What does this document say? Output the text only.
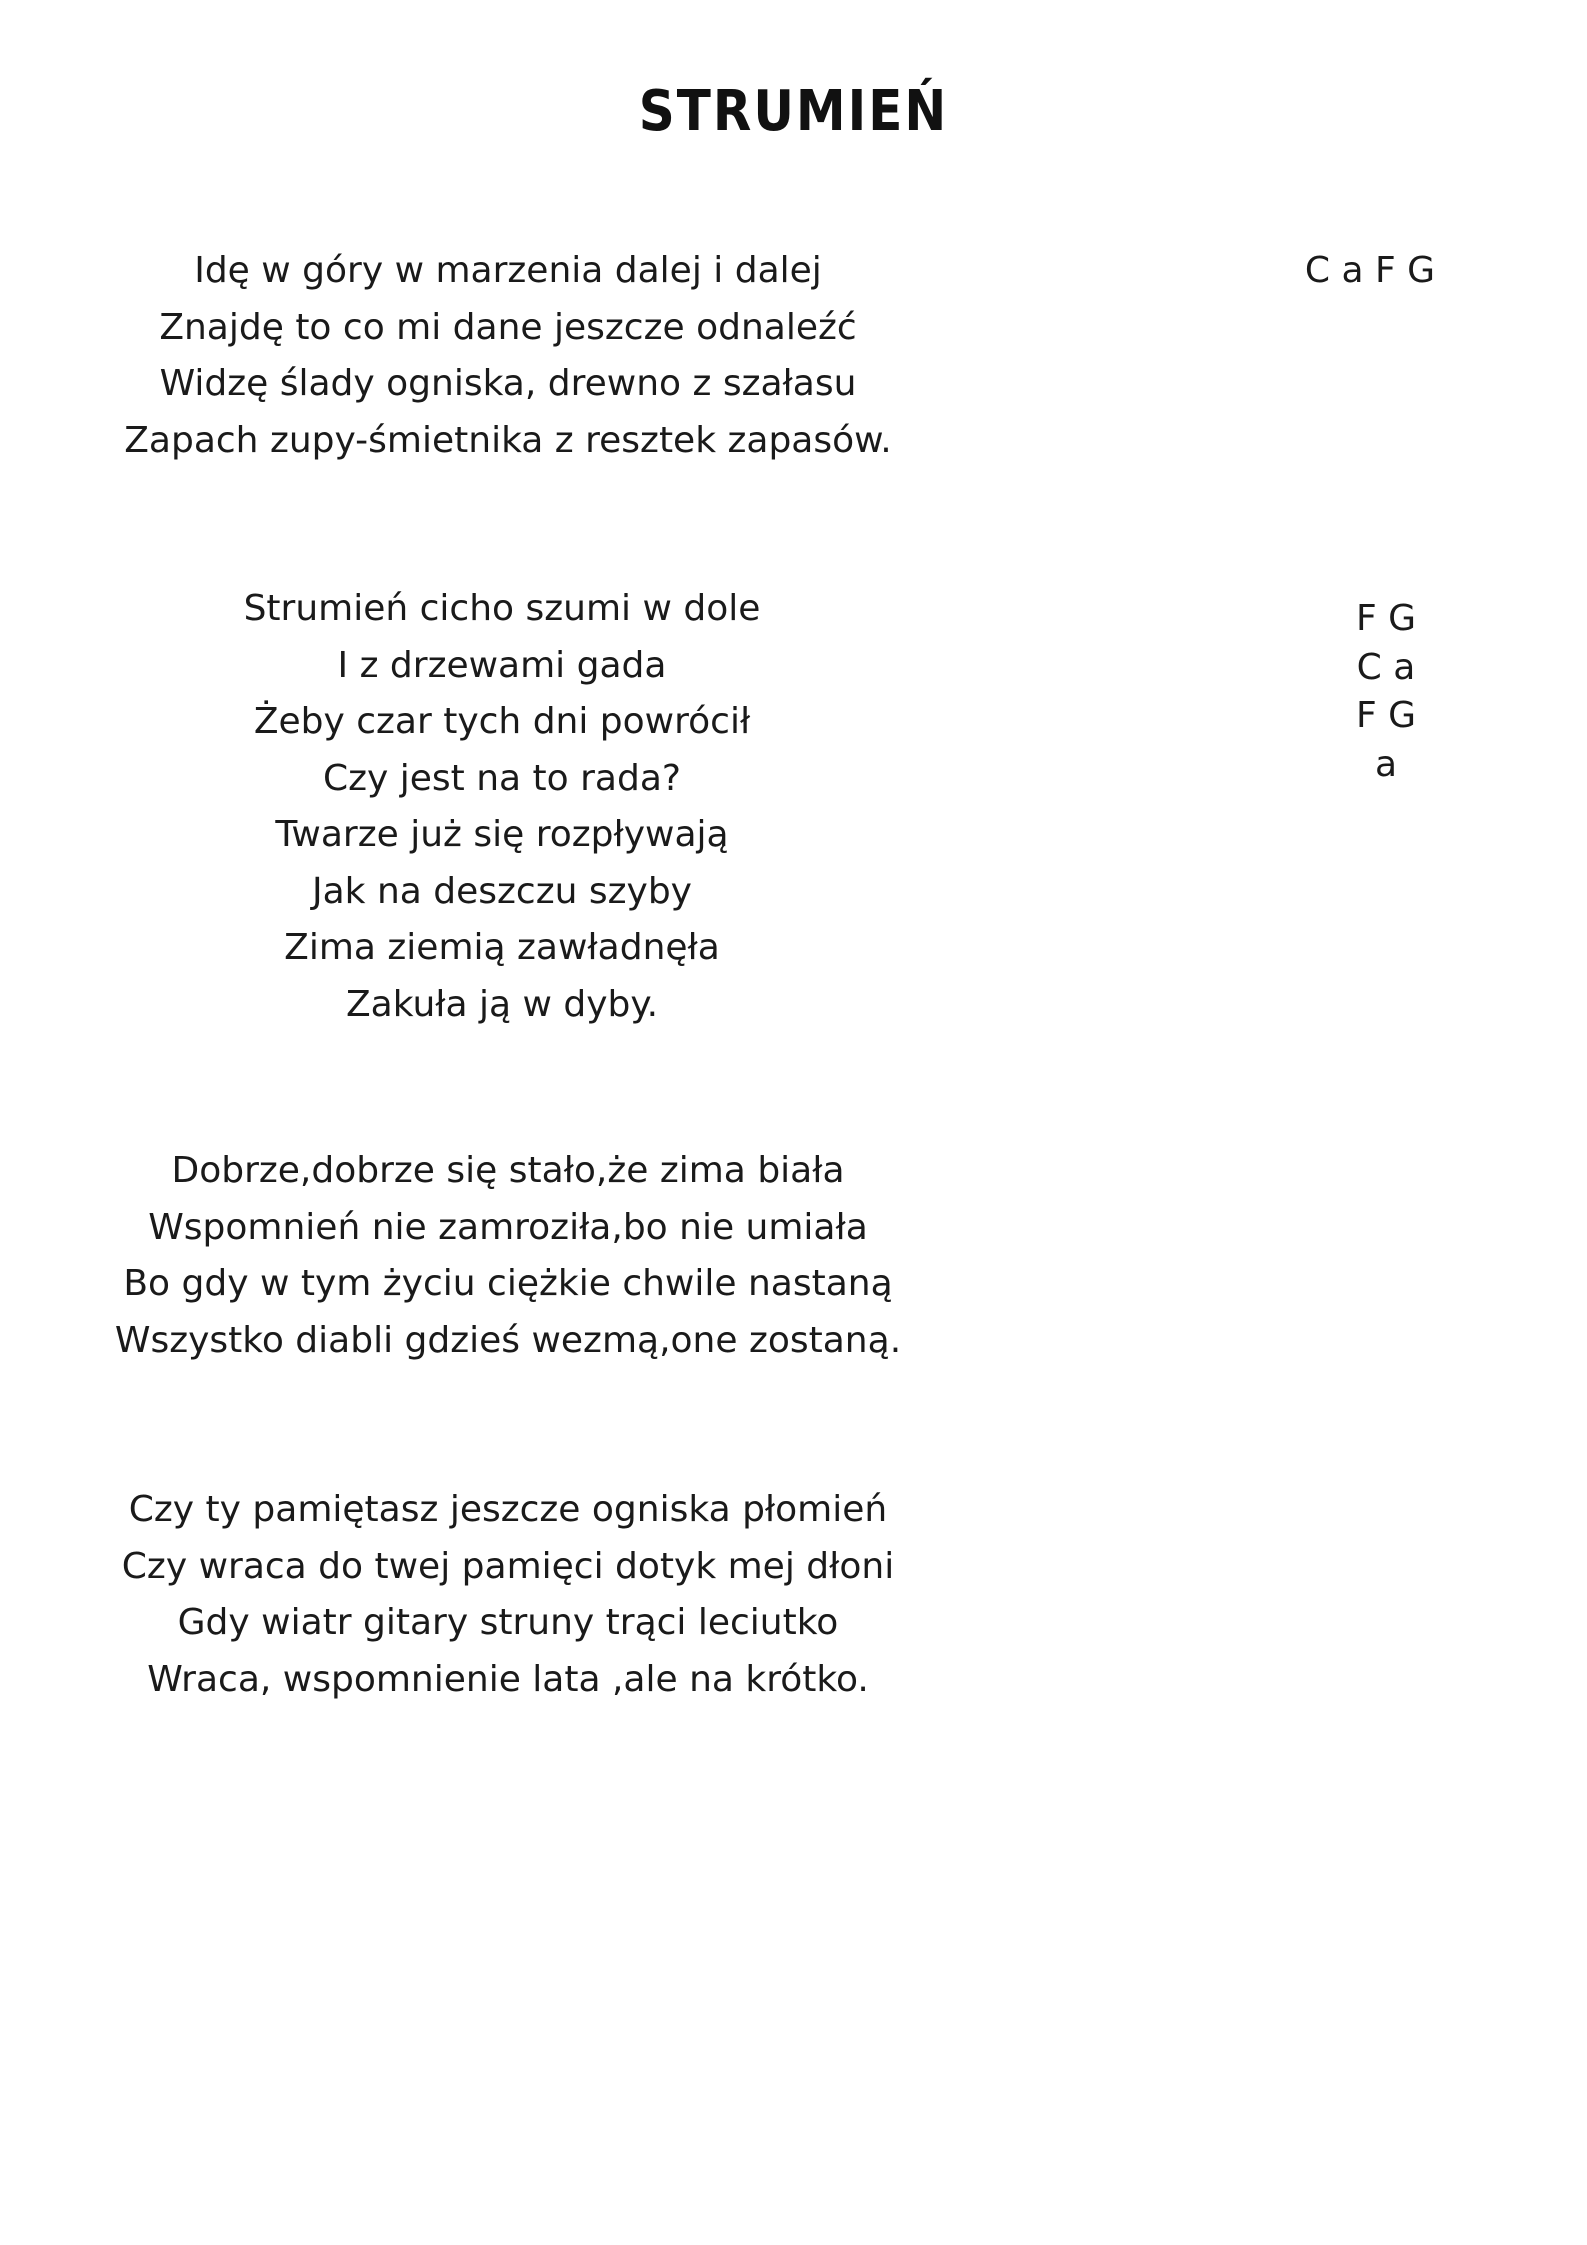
STRUMIEŃ
Idę w góry w marzenia dalej i dalej
Znajdę to co mi dane jeszcze odnaleźć
Widzę ślady ogniska, drewno z szałasu
Zapach zupy-śmietnika z resztek zapasów.
C a F G
Strumień cicho szumi w dole
I z drzewami gada
Żeby czar tych dni powrócił
Czy jest na to rada?
Twarze już się rozpływają
Jak na deszczu szyby
Zima ziemią zawładnęła
Zakuła ją w dyby.
F G
C a
F G
a
Dobrze,dobrze się stało,że zima biała
Wspomnień nie zamroziła,bo nie umiała
Bo gdy w tym życiu ciężkie chwile nastaną
Wszystko diabli gdzieś wezmą,one zostaną.
Czy ty pamiętasz jeszcze ogniska płomień
Czy wraca do twej pamięci dotyk mej dłoni
Gdy wiatr gitary struny trąci leciutko
Wraca, wspomnienie lata ,ale na krótko.
